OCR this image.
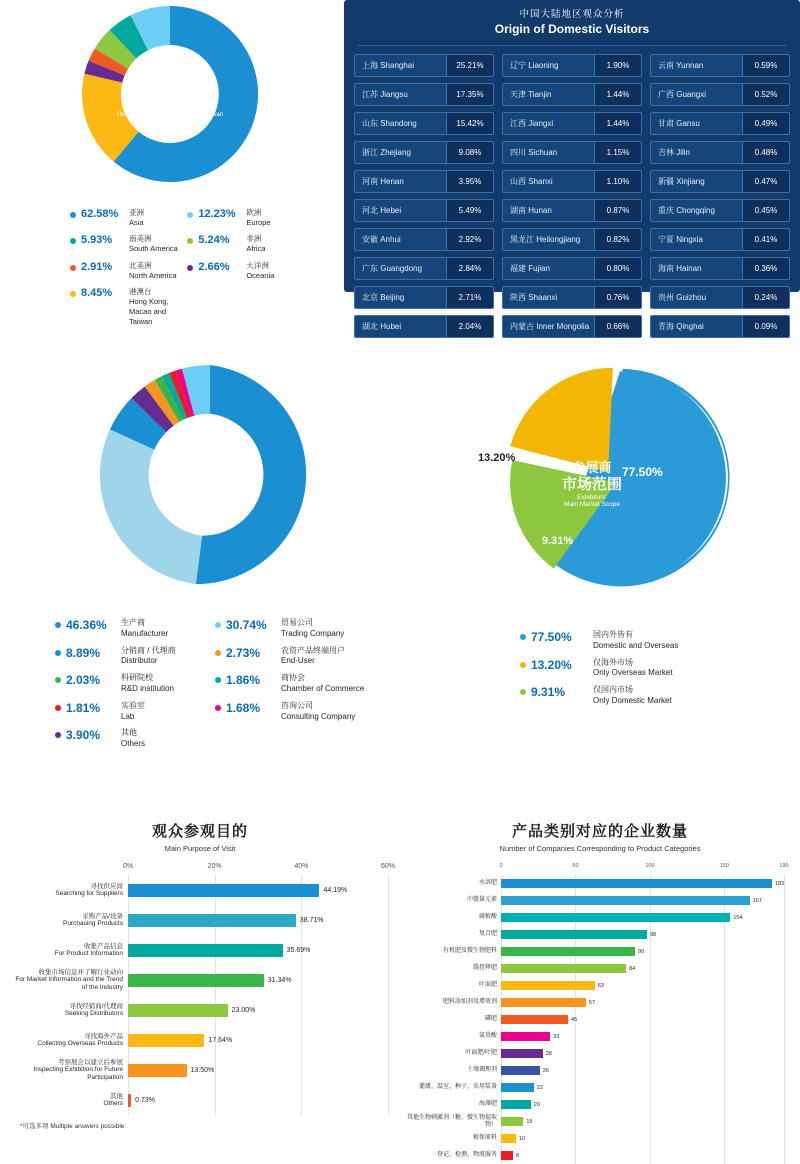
海外及
港澳台地区
观众来源
Overseas, Hong Kong, Macao & Taiwan
Visitors Breakdown Chart
62.58%	亚洲
Asia
5.93%	南美洲
South America
2.91%	北美洲
North America
8.45%	港澳台
Hong Kong, Macao and Taiwan
12.23%	欧洲
Europe
5.24%	非洲
Africa
2.66%	大洋洲
Oceania
中国大陆地区观众分析
Origin of Domestic Visitors
上海 Shanghai	25.21%	辽宁 Liaoning	1.90%	云南 Yunnan	0.59%
江苏 Jiangsu	17.35%	天津 Tianjin	1.44%	广西 Guangxi	0.52%
山东 Shandong	15.42%	江西 Jiangxi	1.44%	甘肃 Gansu	0.49%
浙江 Zhejiang	9.08%	四川 Sichuan	1.15%	吉林 Jilin	0.48%
河南 Henan	3.95%	山西 Shanxi	1.10%	新疆 Xinjiang	0.47%
河北 Hebei	5.49%	湖南 Hunan	0.87%	重庆 Chongqing	0.45%
安徽 Anhui	2.92%	黑龙江 Heilongjiang	0.82%	宁夏 Ningxia	0.41%
广东 Guangdong	2.84%	福建 Fujian	0.80%	海南 Hainan	0.36%
北京 Beijing	2.71%	陕西 Shaanxi	0.76%	贵州 Guizhou	0.24%
湖北 Hubei	2.04%	内蒙古 Inner Mongolia	0.66%	青海 Qinghai	0.09%
观众
业务性质
Visitors' Nature
of Business
46.36%	生产商
Manufacturer
8.89%	分销商 / 代理商
Distributor
2.03%	科研院校
R&D institution
1.81%	实验室
Lab
3.90%	其他
Others
30.74%	贸易公司
Trading Company
2.73%	农资产品终端用户
End-User
1.86%	商协会
Chamber of Commerce
1.68%	咨询公司
Consulting Company
77.50%
13.20%
9.31%
参展商
市场范围
Exhibitors'
Main Market Scope
77.50%	国内外皆有
Domestic and Overseas
13.20%	仅海外市场
Only Overseas Market
9.31%	仅国内市场
Only Domestic Market
观众参观目的
Main Purpose of Visit
0%	20%	40%	60%
寻找供应商
Searching for Suppliers	44.19%
采购产品/设备
Purchasing Products	38.71%
收集产品信息
For Product Information	35.69%
收集市场信息并了解行业动向
For Market Information and the Trend of the Industry
31.34%
寻找经销商/代理商
Seeking Distributors	23.00%
寻找海外产品
Collecting Overseas Products	17.64%
考察展会以建立后参展
Inspecting Exhibition for Future Participation
13.50%
其他
Others 0.73%
*可选多项 Multiple answers possible
产品类别对应的企业数量
Number of Companies Corresponding to Product Categories
0	50	100	150	190
水溶肥	183
中微量元素	167
腐植酸	154
复合肥	98
有机肥及微生物肥料	90
缓控释肥	84
叶面肥	63
肥料添加剂及增效剂	57
磷肥	45
氨基酸	33
叶面肥/叶肥	28
土壤调理剂	26
灌溉、温室、种子、农用装备	22
海藻肥	20
其他生物刺激剂（糖、微生物提取物）	15
植保原料	10
登记、检测、物流服务	8
